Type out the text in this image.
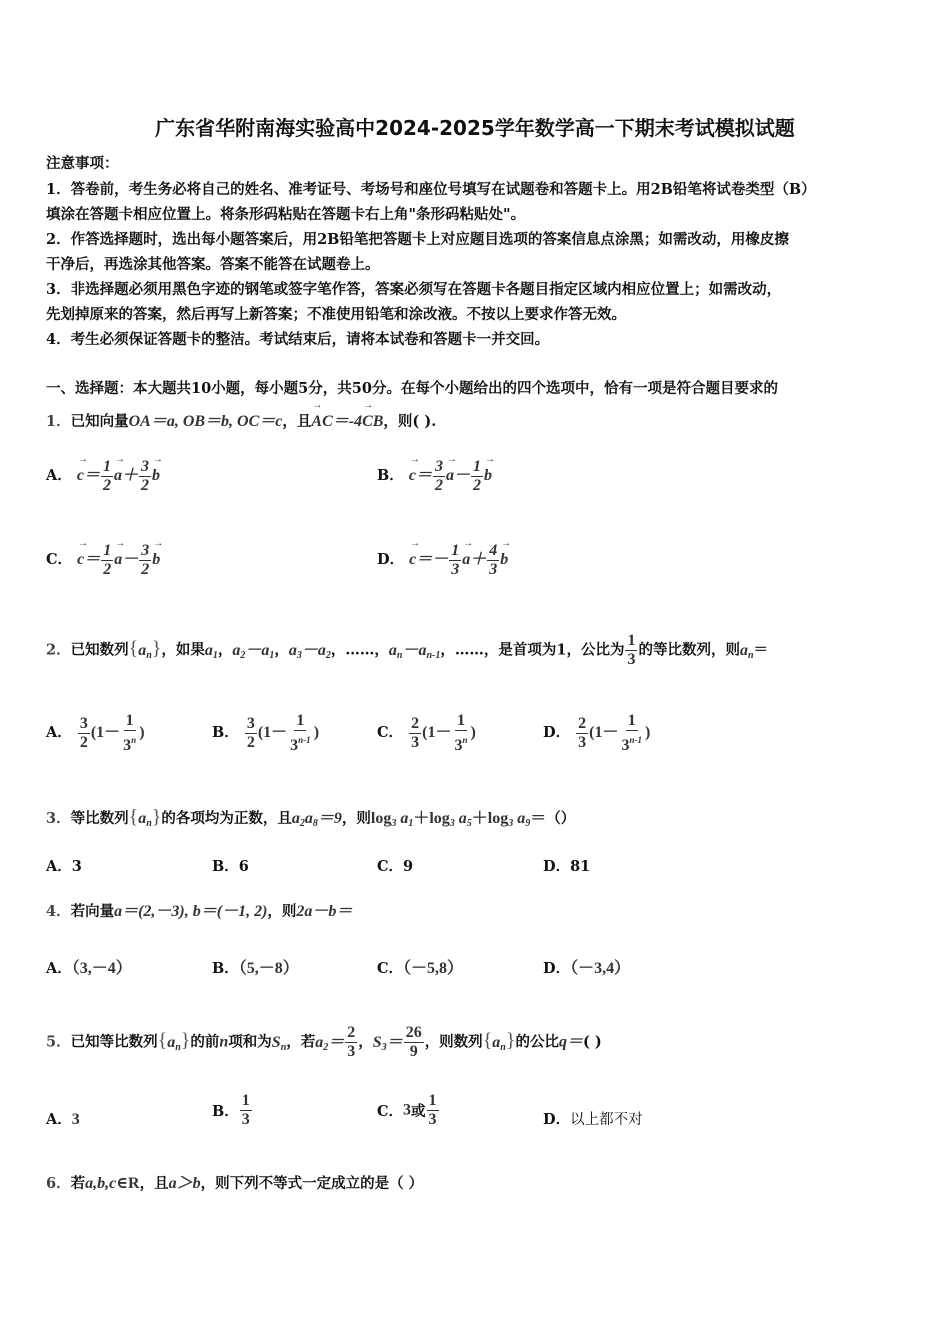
广东省华附南海实验高中2024-2025学年数学高一下期末考试模拟试题
注意事项：
1．答卷前，考生务必将自己的姓名、准考证号、考场号和座位号填写在试题卷和答题卡上。用2B铅笔将试卷类型（B）
填涂在答题卡相应位置上。将条形码粘贴在答题卡右上角"条形码粘贴处"。
2．作答选择题时，选出每小题答案后，用2B铅笔把答题卡上对应题目选项的答案信息点涂黑；如需改动，用橡皮擦
干净后，再选涂其他答案。答案不能答在试题卷上。
3．非选择题必须用黑色字迹的钢笔或签字笔作答，答案必须写在答题卡各题目指定区域内相应位置上；如需改动，
先划掉原来的答案，然后再写上新答案；不准使用铅笔和涂改液。不按以上要求作答无效。
4．考生必须保证答题卡的整洁。考试结束后，请将本试卷和答题卡一并交回。
一、选择题：本大题共10小题，每小题5分，共50分。在每个小题给出的四个选项中，恰有一项是符合题目要求的
1．已知向量OA＝a, OB＝b, OC＝c，且→ AC＝-4→ CB，则( ).
A． → $c= \frac{1}{2}$
→ $a+ \frac{3}{2}$
→ b	B． → $c= \frac{3}{2}$
→ $a- \frac{1}{2}$
→ b
C． → $c= \frac{1}{2}$
→ $a- \frac{3}{2}$
→ b	D． → $c=- \frac{1}{3}$
→ $a+ \frac{4}{3}$
→ b
2．已知数列$\{a_n\}$，如果$a_1$，$a_2-a_1$，$a_3-a_2$，……，$a_n-a_{n-1}$，……，是首项为1，公比为 $\frac{1}{3}$ 的等比数列，则$a_n=$
A． $\frac{3}{2} (1- \frac{1}{3^n}$ )	B． $\frac{3}{2} (1- \frac{1}{3^{n-1}}$ )	C． $\frac{2}{3} (1- \frac{1}{3^n}$ )	D． $\frac{2}{3} (1- \frac{1}{3^{n-1}}$ )
3．等比数列$\{a_n\}$的各项均为正数，且$a_2a_8=9$，则$\log_3 a_1+\log_3$ $a_5+\log_3$ $a_9=()$
A．3	B．6	C．9	D．81
4．若向量a＝(2,－3), b＝(－1, 2)，则2a－b＝
A．（3,－4）	B．（5,－8）	C．（－5,8）	D．（－3,4）
5．已知等比数列$\{a_n\}$的前n项和为$S_n$，若$a_2= \frac{2}{3}$ ，$S_3= \frac{26}{9}$ ，则数列$\{a_n\}$的公比q＝( )
A．3	B． $\frac{1}{3}$	C．3或 $\frac{1}{3}$	D．以上都不对
6．若a,b,c∈R，且a＞b，则下列不等式一定成立的是（ ）
